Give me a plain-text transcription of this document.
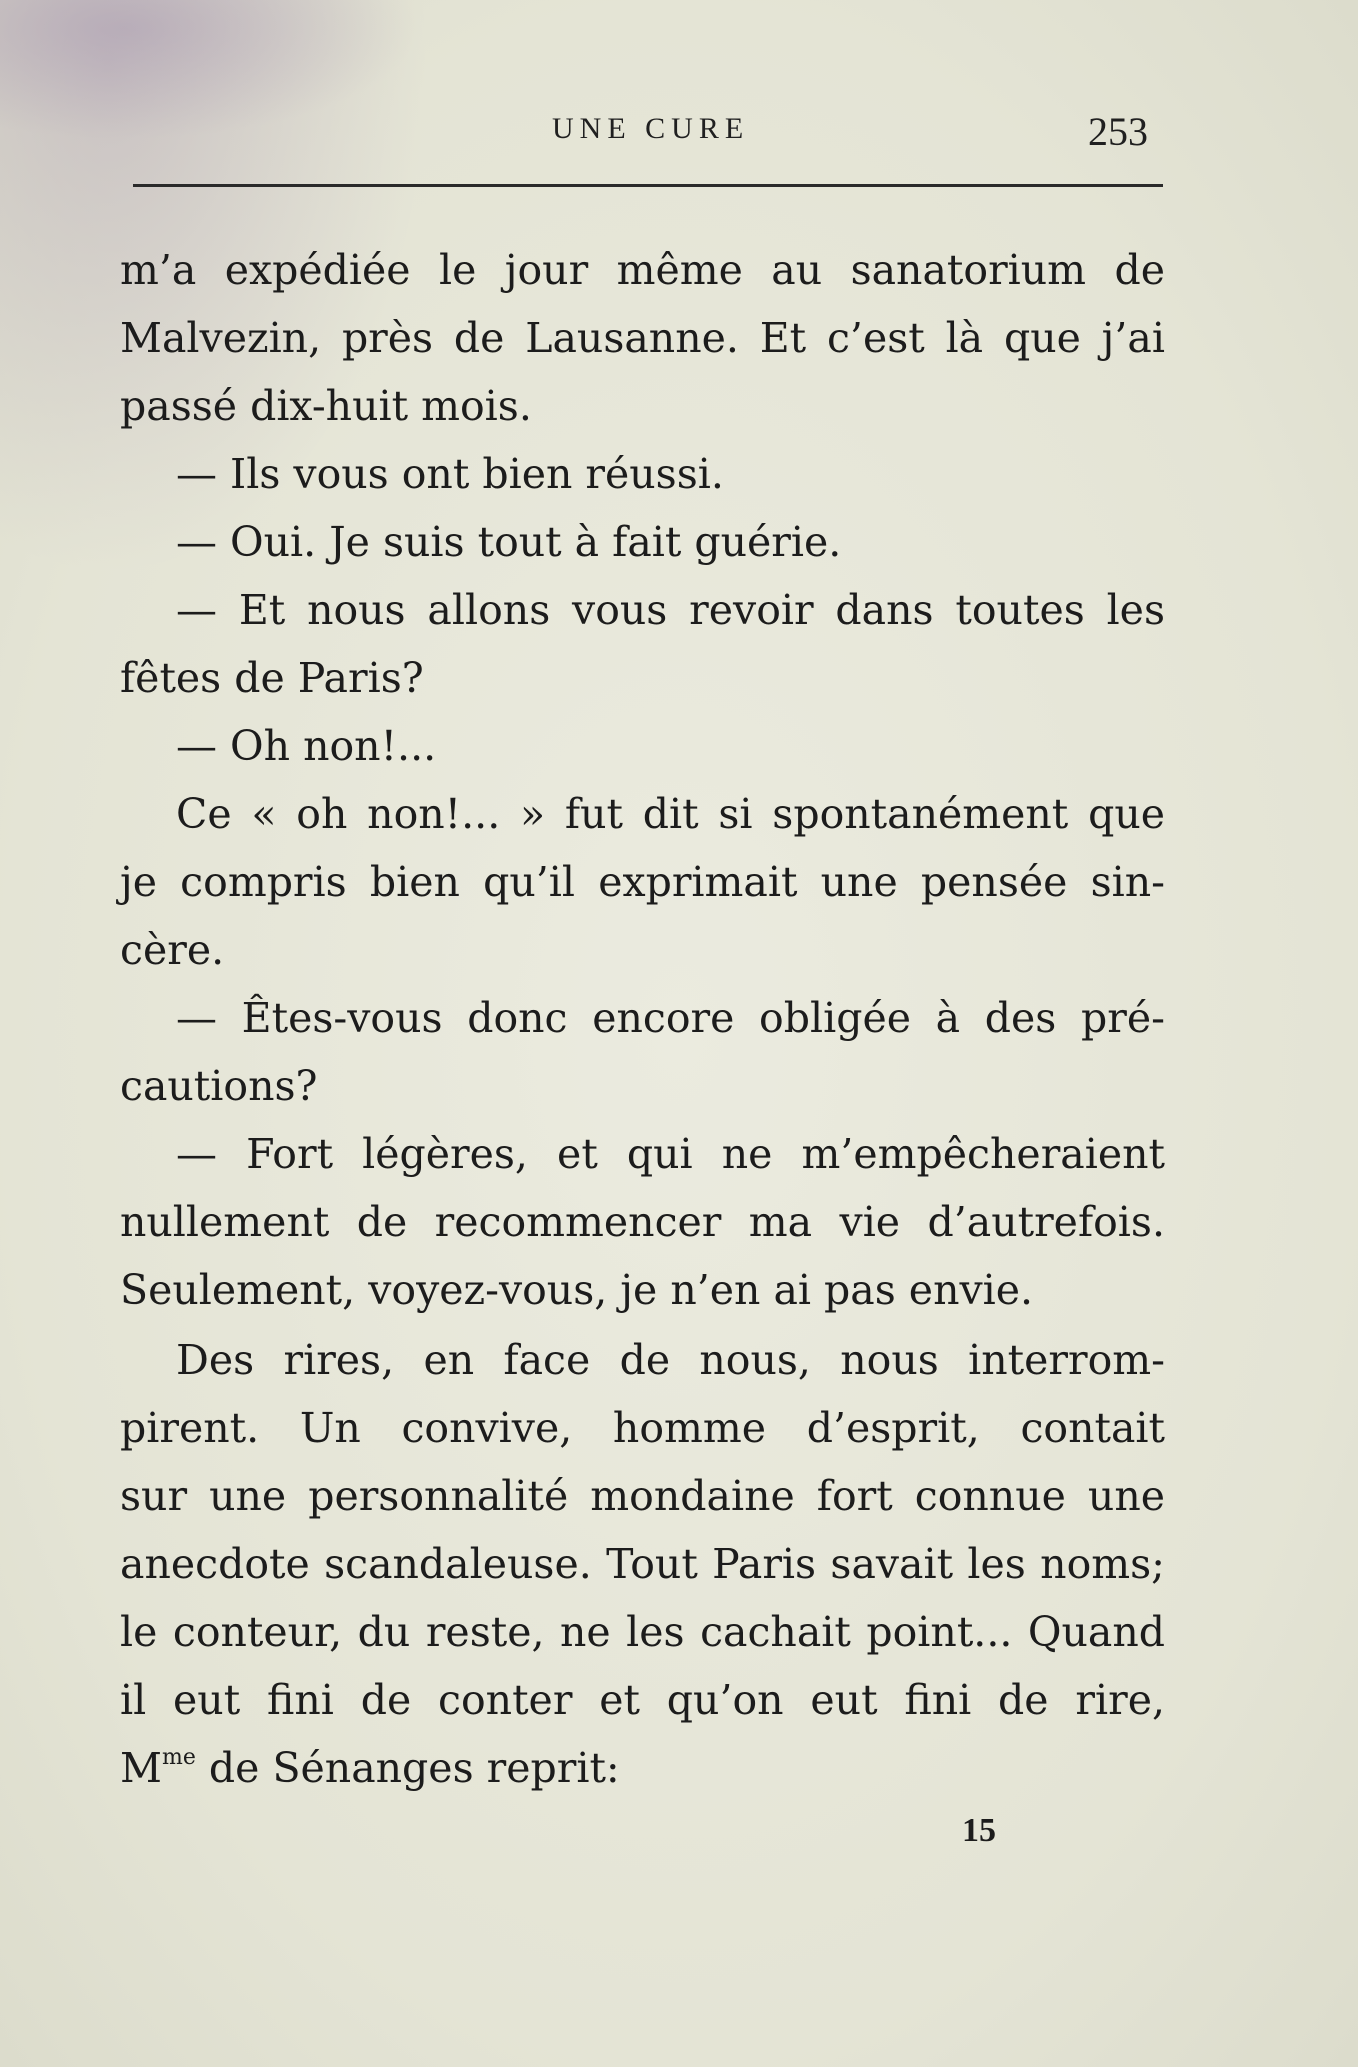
UNE CURE	253
m’a expédiée le jour même au sanatorium de
Malvezin, près de Lausanne. Et c’est là que j’ai
passé dix-huit mois.
— Ils vous ont bien réussi.
— Oui. Je suis tout à fait guérie.
— Et nous allons vous revoir dans toutes les
fêtes de Paris?
— Oh non!...
Ce « oh non!... » fut dit si spontanément que
je compris bien qu’il exprimait une pensée sin-
cère.
— Êtes-vous donc encore obligée à des pré-
cautions?
— Fort légères, et qui ne m’empêcheraient
nullement de recommencer ma vie d’autrefois.
Seulement, voyez-vous, je n’en ai pas envie.
Des rires, en face de nous, nous interrom-
pirent. Un convive, homme d’esprit, contait
sur une personnalité mondaine fort connue une
anecdote scandaleuse. Tout Paris savait les noms;
le conteur, du reste, ne les cachait point... Quand
il eut fini de conter et qu’on eut fini de rire,
$M^{me}$ de Sénanges reprit:
15
